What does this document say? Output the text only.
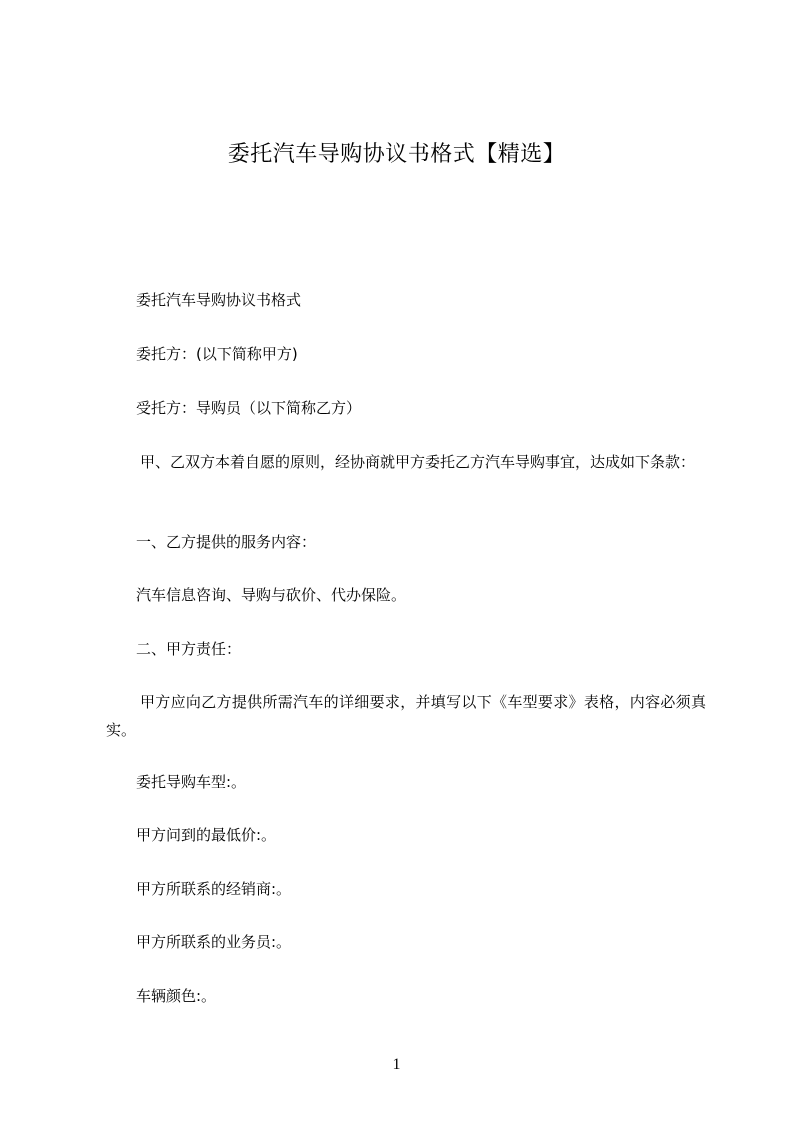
委托汽车导购协议书格式【精选】
委托汽车导购协议书格式
委托方：(以下简称甲方)
受托方：导购员（以下简称乙方）
甲、乙双方本着自愿的原则，经协商就甲方委托乙方汽车导购事宜，达成如下条款：
一、乙方提供的服务内容：
汽车信息咨询、导购与砍价、代办保险。
二、甲方责任：
甲方应向乙方提供所需汽车的详细要求，并填写以下《车型要求》表格，内容必须真实。
委托导购车型:。
甲方问到的最低价:。
甲方所联系的经销商:。
甲方所联系的业务员:。
车辆颜色:。
1
